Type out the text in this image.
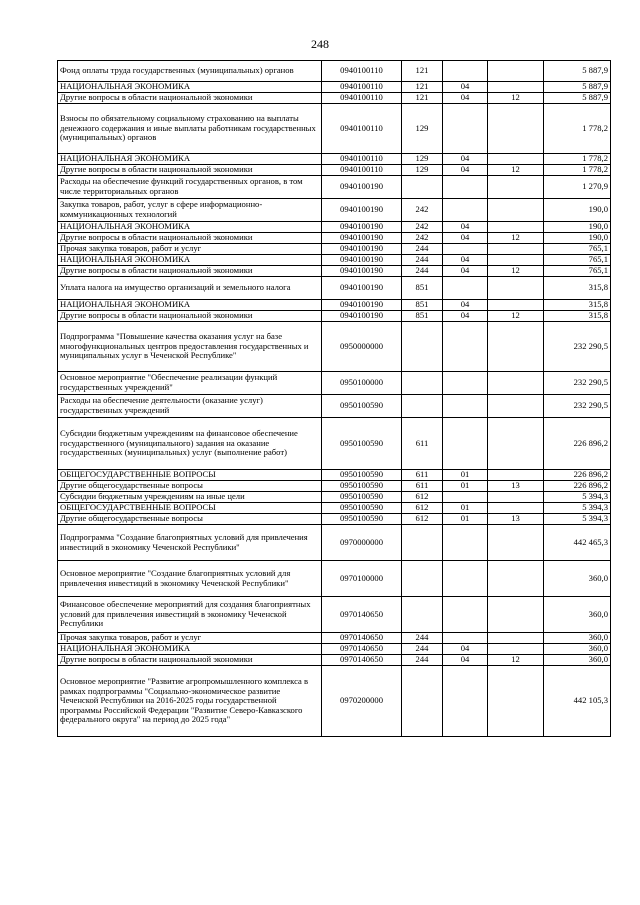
248
Фонд оплаты труда государственных (муниципальных) органов	0940100110	121			5 887,9
НАЦИОНАЛЬНАЯ ЭКОНОМИКА	0940100110	121	04		5 887,9
Другие вопросы в области национальной экономики	0940100110	121	04	12	5 887,9
Взносы по обязательному социальному страхованию на выплаты денежного содержания и иные выплаты работникам государственных (муниципальных) органов	0940100110	129			1 778,2
НАЦИОНАЛЬНАЯ ЭКОНОМИКА	0940100110	129	04		1 778,2
Другие вопросы в области национальной экономики	0940100110	129	04	12	1 778,2
Расходы на обеспечение функций государственных органов, в том числе территориальных органов	0940100190				1 270,9
Закупка товаров, работ, услуг в сфере информационно-коммуникационных технологий	0940100190	242			190,0
НАЦИОНАЛЬНАЯ ЭКОНОМИКА	0940100190	242	04		190,0
Другие вопросы в области национальной экономики	0940100190	242	04	12	190,0
Прочая закупка товаров, работ и услуг	0940100190	244			765,1
НАЦИОНАЛЬНАЯ ЭКОНОМИКА	0940100190	244	04		765,1
Другие вопросы в области национальной экономики	0940100190	244	04	12	765,1
Уплата налога на имущество организаций и земельного налога	0940100190	851			315,8
НАЦИОНАЛЬНАЯ ЭКОНОМИКА	0940100190	851	04		315,8
Другие вопросы в области национальной экономики	0940100190	851	04	12	315,8
Подпрограмма "Повышение качества оказания услуг на базе многофункциональных центров предоставления государственных и муниципальных услуг в Чеченской Республике"	0950000000				232 290,5
Основное мероприятие "Обеспечение реализации функций государственных учреждений"	0950100000				232 290,5
Расходы на обеспечение деятельности (оказание услуг) государственных учреждений	0950100590				232 290,5
Субсидии бюджетным учреждениям на финансовое обеспечение государственного (муниципального) задания на оказание государственных (муниципальных) услуг (выполнение работ)	0950100590	611			226 896,2
ОБЩЕГОСУДАРСТВЕННЫЕ ВОПРОСЫ	0950100590	611	01		226 896,2
Другие общегосударственные вопросы	0950100590	611	01	13	226 896,2
Субсидии бюджетным учреждениям на иные цели	0950100590	612			5 394,3
ОБЩЕГОСУДАРСТВЕННЫЕ ВОПРОСЫ	0950100590	612	01		5 394,3
Другие общегосударственные вопросы	0950100590	612	01	13	5 394,3
Подпрограмма "Создание благоприятных условий для привлечения инвестиций в экономику Чеченской Республики"	0970000000				442 465,3
Основное мероприятие "Создание благоприятных условий для привлечения инвестиций в экономику Чеченской Республики"	0970100000				360,0
Финансовое обеспечение мероприятий для создания благоприятных условий для привлечения инвестиций в экономику Чеченской Республики	0970140650				360,0
Прочая закупка товаров, работ и услуг	0970140650	244			360,0
НАЦИОНАЛЬНАЯ ЭКОНОМИКА	0970140650	244	04		360,0
Другие вопросы в области национальной экономики	0970140650	244	04	12	360,0
Основное мероприятие "Развитие агропромышленного комплекса в рамках подпрограммы "Социально-экономическое развитие Чеченской Республики на 2016-2025 годы государственной программы Российской Федерации "Развитие Северо-Кавказского федерального округа" на период до 2025 года"	0970200000				442 105,3
